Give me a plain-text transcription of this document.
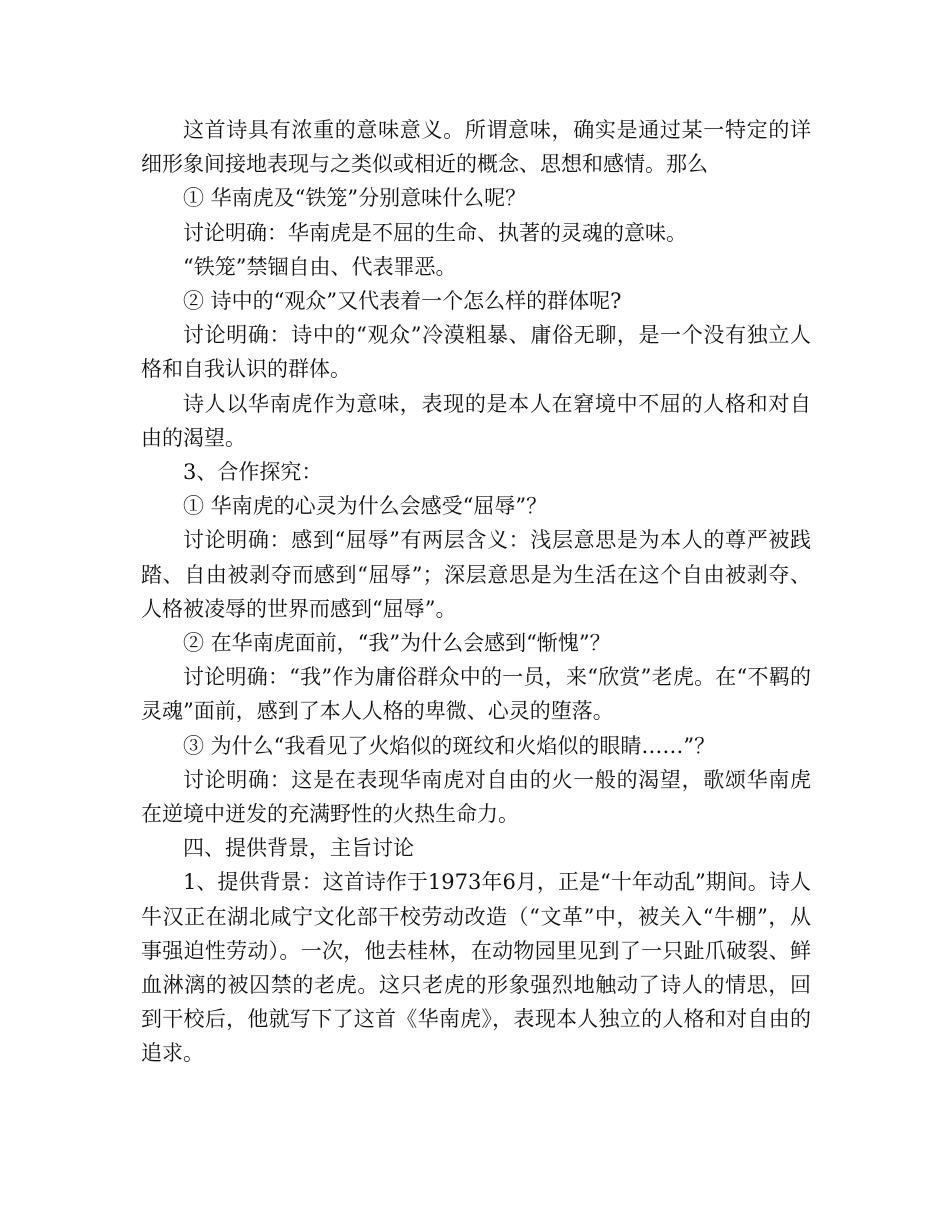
这首诗具有浓重的意味意义。所谓意味，确实是通过某一特定的详细形象间接地表现与之类似或相近的概念、思想和感情。那么

① 华南虎及“铁笼”分别意味什么呢？

讨论明确：华南虎是不屈的生命、执著的灵魂的意味。

“铁笼”禁锢自由、代表罪恶。

② 诗中的“观众”又代表着一个怎么样的群体呢?

讨论明确：诗中的“观众”冷漠粗暴、庸俗无聊，是一个没有独立人格和自我认识的群体。

诗人以华南虎作为意味，表现的是本人在窘境中不屈的人格和对自由的渴望。

3、合作探究：

① 华南虎的心灵为什么会感受“屈辱”？

讨论明确：感到“屈辱”有两层含义：浅层意思是为本人的尊严被践踏、自由被剥夺而感到“屈辱”；深层意思是为生活在这个自由被剥夺、人格被凌辱的世界而感到“屈辱”。

② 在华南虎面前，“我”为什么会感到“惭愧”？

讨论明确：“我”作为庸俗群众中的一员，来“欣赏”老虎。在“不羁的灵魂”面前，感到了本人人格的卑微、心灵的堕落。

③ 为什么“我看见了火焰似的斑纹和火焰似的眼睛……”？

讨论明确：这是在表现华南虎对自由的火一般的渴望，歌颂华南虎在逆境中迸发的充满野性的火热生命力。

四、提供背景，主旨讨论

1、提供背景：这首诗作于1973年6月，正是“十年动乱”期间。诗人牛汉正在湖北咸宁文化部干校劳动改造（“文革”中，被关入“牛棚”，从事强迫性劳动）。一次，他去桂林，在动物园里见到了一只趾爪破裂、鲜血淋漓的被囚禁的老虎。这只老虎的形象强烈地触动了诗人的情思，回到干校后，他就写下了这首《华南虎》，表现本人独立的人格和对自由的追求。
